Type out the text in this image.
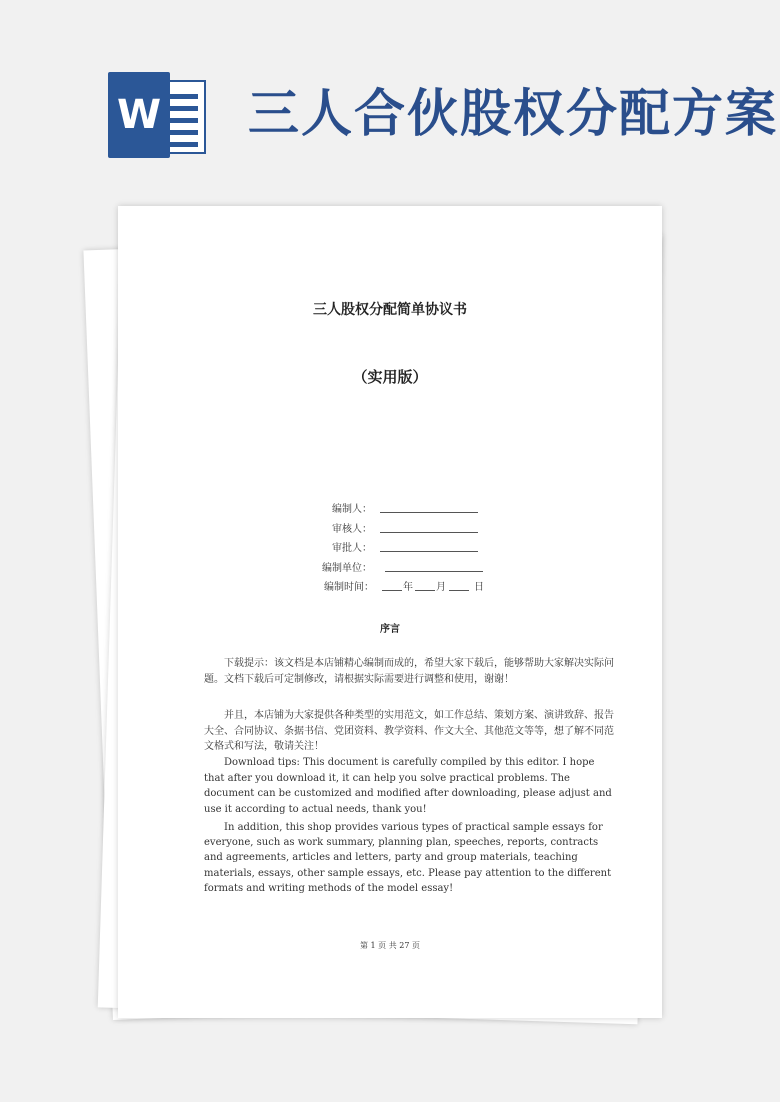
W 三人合伙股权分配方案
三人股权分配简单协议书
（实用版）
编制人：
审核人：
审批人：
编制单位：
编制时间：	年 月	日
序言

下载提示：该文档是本店铺精心编制而成的，希望大家下载后，能够帮助大家解决实际问题。文档下载后可定制修改，请根据实际需要进行调整和使用，谢谢！

并且，本店铺为大家提供各种类型的实用范文，如工作总结、策划方案、演讲致辞、报告大全、合同协议、条据书信、党团资料、教学资料、作文大全、其他范文等等，想了解不同范文格式和写法，敬请关注！

Download tips: This document is carefully compiled by this editor. I hope that after you download it, it can help you solve practical problems. The document can be customized and modified after downloading, please adjust and use it according to actual needs, thank you!

In addition, this shop provides various types of practical sample essays for everyone, such as work summary, planning plan, speeches, reports, contracts and agreements, articles and letters, party and group materials, teaching materials, essays, other sample essays, etc. Please pay attention to the different formats and writing methods of the model essay!

第 1 页 共 27 页
